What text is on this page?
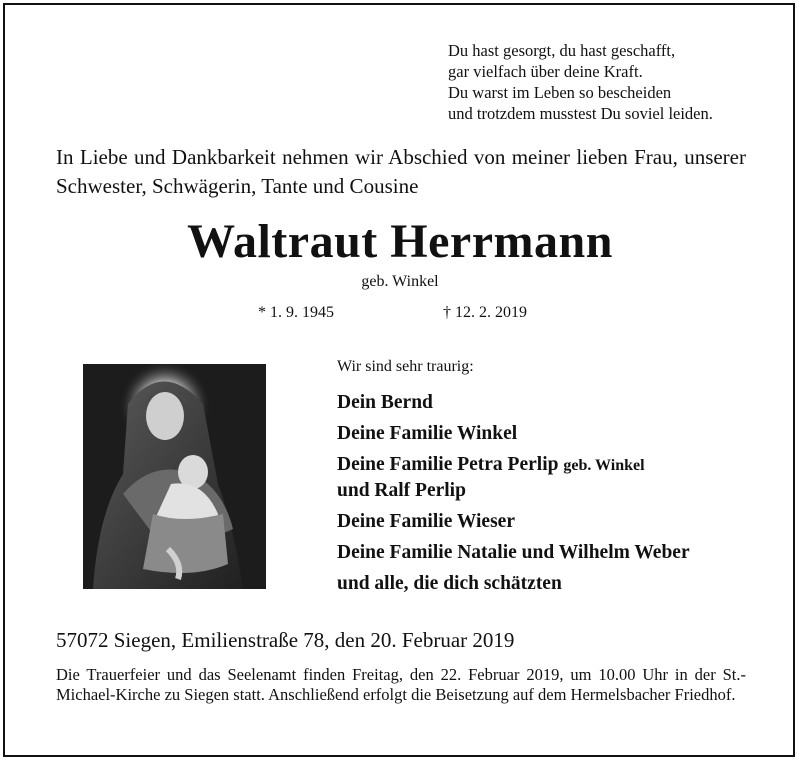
Du hast gesorgt, du hast geschafft,
gar vielfach über deine Kraft.
Du warst im Leben so bescheiden
und trotzdem musstest Du soviel leiden.
In Liebe und Dankbarkeit nehmen wir Abschied von meiner lieben Frau, unserer Schwester, Schwägerin, Tante und Cousine
Waltraut Herrmann
geb. Winkel
* 1. 9. 1945	† 12. 2. 2019
Wir sind sehr traurig:
Dein Bernd
Deine Familie Winkel
Deine Familie Petra Perlip geb. Winkel
und Ralf Perlip
Deine Familie Wieser
Deine Familie Natalie und Wilhelm Weber
und alle, die dich schätzten
57072 Siegen, Emilienstraße 78, den 20. Februar 2019
Die Trauerfeier und das Seelenamt finden Freitag, den 22. Februar 2019, um 10.00 Uhr in der St.-Michael-Kirche zu Siegen statt. Anschließend erfolgt die Beisetzung auf dem Hermelsbacher Friedhof.
